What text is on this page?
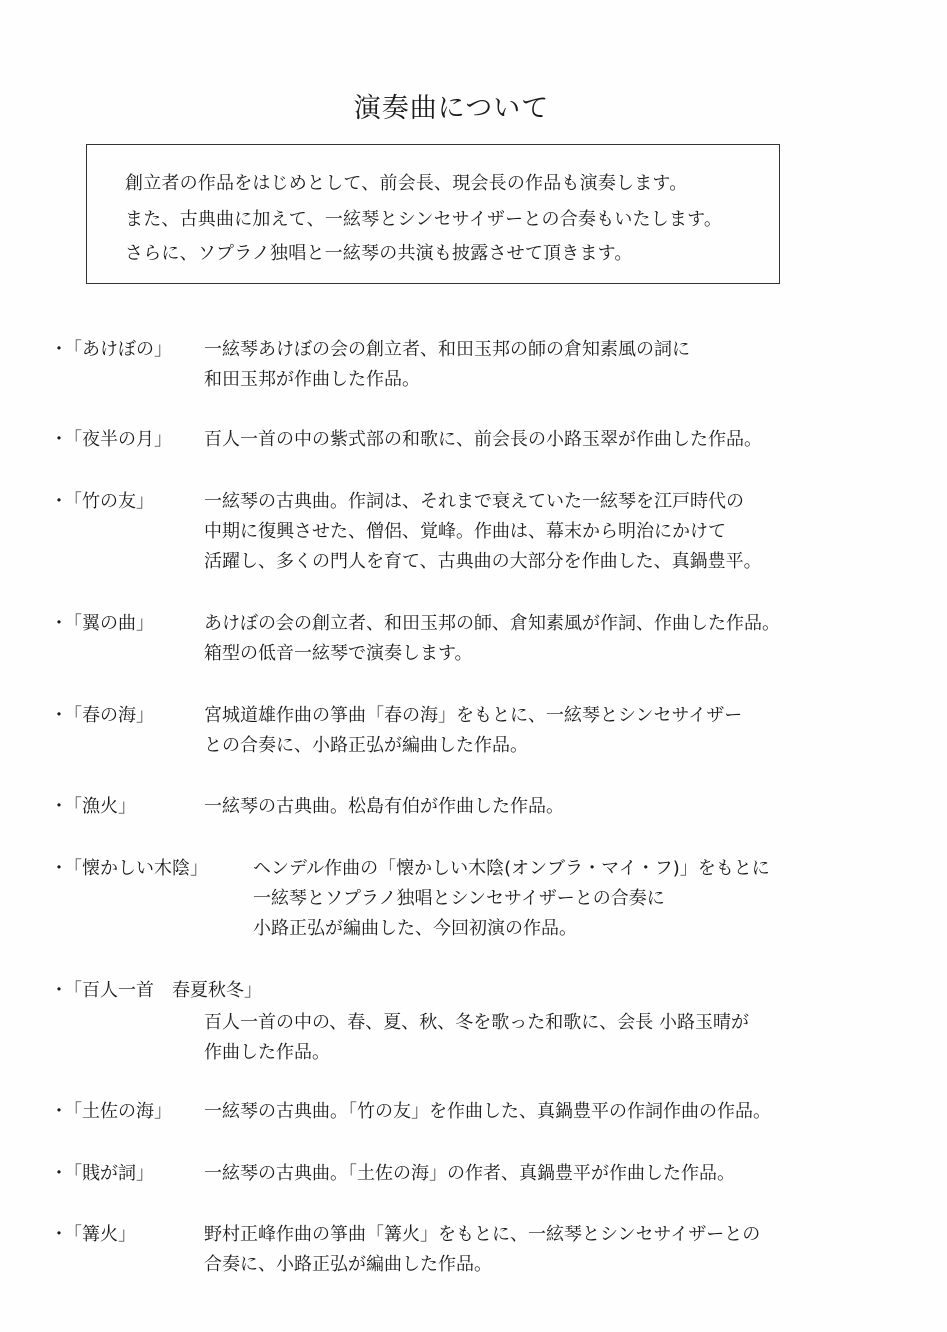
演奏曲について
創立者の作品をはじめとして、前会長、現会長の作品も演奏します。
また、古典曲に加えて、一絃琴とシンセサイザーとの合奏もいたします。
さらに、ソプラノ独唱と一絃琴の共演も披露させて頂きます。
・
「あけぼの」 一絃琴あけぼの会の創立者、和田玉邦の師の倉知素風の詞に
和田玉邦が作曲した作品。
・
「夜半の月」 百人一首の中の紫式部の和歌に、前会長の小路玉翠が作曲した作品。
・
「竹の友」	一絃琴の古典曲。作詞は、それまで衰えていた一絃琴を江戸時代の
中期に復興させた、僧侶、覚峰。作曲は、幕末から明治にかけて
活躍し、多くの門人を育て、古典曲の大部分を作曲した、真鍋豊平。
・
「翼の曲」	あけぼの会の創立者、和田玉邦の師、倉知素風が作詞、作曲した作品。
箱型の低音一絃琴で演奏します。
・
「春の海」	宮城道雄作曲の箏曲「春の海」をもとに、一絃琴とシンセサイザー
との合奏に、小路正弘が編曲した作品。
・
「漁火」	一絃琴の古典曲。松島有伯が作曲した作品。
・
「懐かしい木陰」	ヘンデル作曲の「懐かしい木陰(オンブラ・マイ・フ)」をもとに
一絃琴とソプラノ独唱とシンセサイザーとの合奏に
小路正弘が編曲した、今回初演の作品。
・
「百人一首　春夏秋冬」
百人一首の中の、春、夏、秋、冬を歌った和歌に、会長 小路玉晴が
作曲した作品。
・
「土佐の海」 一絃琴の古典曲。「竹の友」を作曲した、真鍋豊平の作詞作曲の作品。
・
「賎が詞」	一絃琴の古典曲。「土佐の海」の作者、真鍋豊平が作曲した作品。
・
「篝火」	野村正峰作曲の箏曲「篝火」をもとに、一絃琴とシンセサイザーとの
合奏に、小路正弘が編曲した作品。
